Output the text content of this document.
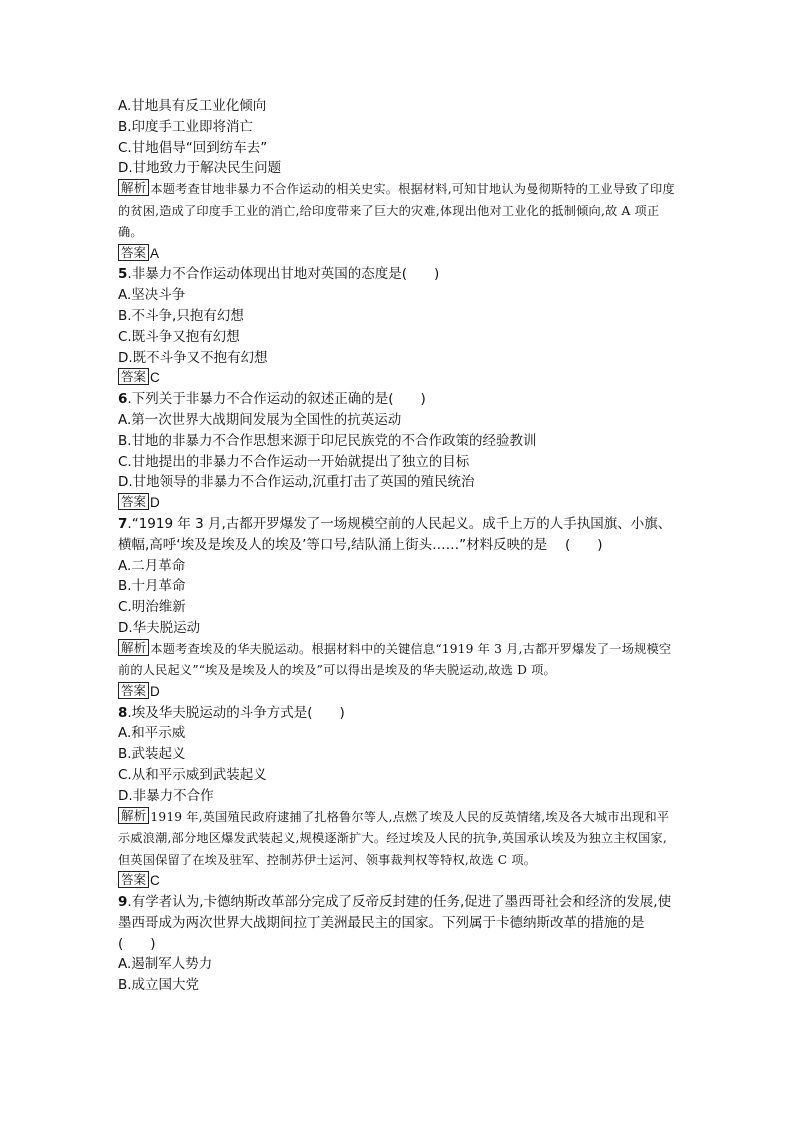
A.甘地具有反工业化倾向

B.印度手工业即将消亡

C.甘地倡导“回到纺车去”

D.甘地致力于解决民生问题

解析 本题考查甘地非暴力不合作运动的相关史实。根据材料,可知甘地认为曼彻斯特的工业导致了印度的贫困,造成了印度手工业的消亡,给印度带来了巨大的灾难,体现出他对工业化的抵制倾向,故 A 项正确。

答案 A

5.非暴力不合作运动体现出甘地对英国的态度是(　　)

A.坚决斗争

B.不斗争,只抱有幻想

C.既斗争又抱有幻想

D.既不斗争又不抱有幻想

答案 C

6.下列关于非暴力不合作运动的叙述正确的是(　　)

A.第一次世界大战期间发展为全国性的抗英运动

B.甘地的非暴力不合作思想来源于印尼民族党的不合作政策的经验教训

C.甘地提出的非暴力不合作运动一开始就提出了独立的目标

D.甘地领导的非暴力不合作运动,沉重打击了英国的殖民统治

答案 D

7.“1919 年 3 月,古都开罗爆发了一场规模空前的人民起义。成千上万的人手执国旗、小旗、横幅,高呼‘埃及是埃及人的埃及’等口号,结队涌上街头……”材料反映的是　 (　　)

A.二月革命

B.十月革命

C.明治维新

D.华夫脱运动

解析 本题考查埃及的华夫脱运动。根据材料中的关键信息“1919 年 3 月,古都开罗爆发了一场规模空前的人民起义”“埃及是埃及人的埃及”可以得出是埃及的华夫脱运动,故选 D 项。

答案 D

8.埃及华夫脱运动的斗争方式是(　　)

A.和平示威

B.武装起义

C.从和平示威到武装起义

D.非暴力不合作

解析 1919 年,英国殖民政府逮捕了扎格鲁尔等人,点燃了埃及人民的反英情绪,埃及各大城市出现和平示威浪潮,部分地区爆发武装起义,规模逐渐扩大。经过埃及人民的抗争,英国承认埃及为独立主权国家,但英国保留了在埃及驻军、控制苏伊士运河、领事裁判权等特权,故选 C 项。

答案 C

9.有学者认为,卡德纳斯改革部分完成了反帝反封建的任务,促进了墨西哥社会和经济的发展,使墨西哥成为两次世界大战期间拉丁美洲最民主的国家。下列属于卡德纳斯改革的措施的是(　　)

A.遏制军人势力

B.成立国大党
